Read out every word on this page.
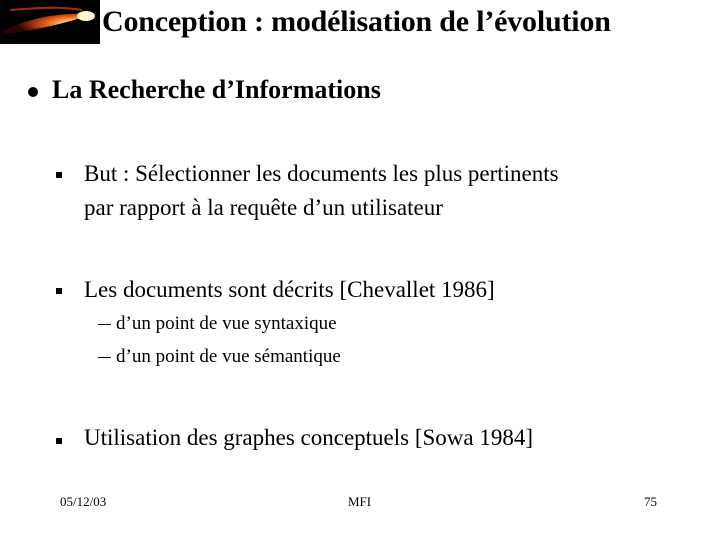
Conception : modélisation de l’évolution
La Recherche d’Informations
But : Sélectionner les documents les plus pertinents
par rapport à la requête d’un utilisateur
Les documents sont décrits [Chevallet 1986]
d’un point de vue syntaxique
d’un point de vue sémantique
Utilisation des graphes conceptuels [Sowa 1984]
05/12/03	MFI	75
